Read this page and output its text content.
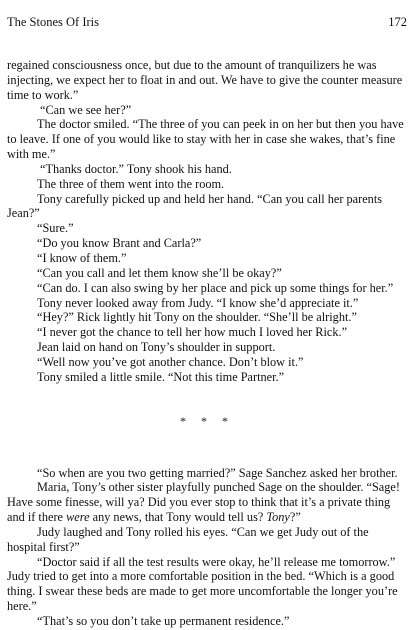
The Stones Of Iris	172

regained consciousness once, but due to the amount of tranquilizers he was injecting, we expect her to float in and out. We have to give the counter measure time to work.”

“Can we see her?”

The doctor smiled. “The three of you can peek in on her but then you have to leave. If one of you would like to stay with her in case she wakes, that’s fine with me.”

“Thanks doctor.” Tony shook his hand.

The three of them went into the room.

Tony carefully picked up and held her hand. “Can you call her parents Jean?”

“Sure.”

“Do you know Brant and Carla?”

“I know of them.”

“Can you call and let them know she’ll be okay?”

“Can do. I can also swing by her place and pick up some things for her.”

Tony never looked away from Judy. “I know she’d appreciate it.”

“Hey?” Rick lightly hit Tony on the shoulder. “She’ll be alright.”

“I never got the chance to tell her how much I loved her Rick.”

Jean laid on hand on Tony’s shoulder in support.

“Well now you’ve got another chance. Don’t blow it.”

Tony smiled a little smile. “Not this time Partner.”

* * *

“So when are you two getting married?” Sage Sanchez asked her brother.

Maria, Tony’s other sister playfully punched Sage on the shoulder. “Sage! Have some finesse, will ya? Did you ever stop to think that it’s a private thing and if there were any news, that Tony would tell us? Tony?”

Judy laughed and Tony rolled his eyes. “Can we get Judy out of the hospital first?”

“Doctor said if all the test results were okay, he’ll release me tomorrow.” Judy tried to get into a more comfortable position in the bed. “Which is a good thing. I swear these beds are made to get more uncomfortable the longer you’re here.”

“That’s so you don’t take up permanent residence.”
